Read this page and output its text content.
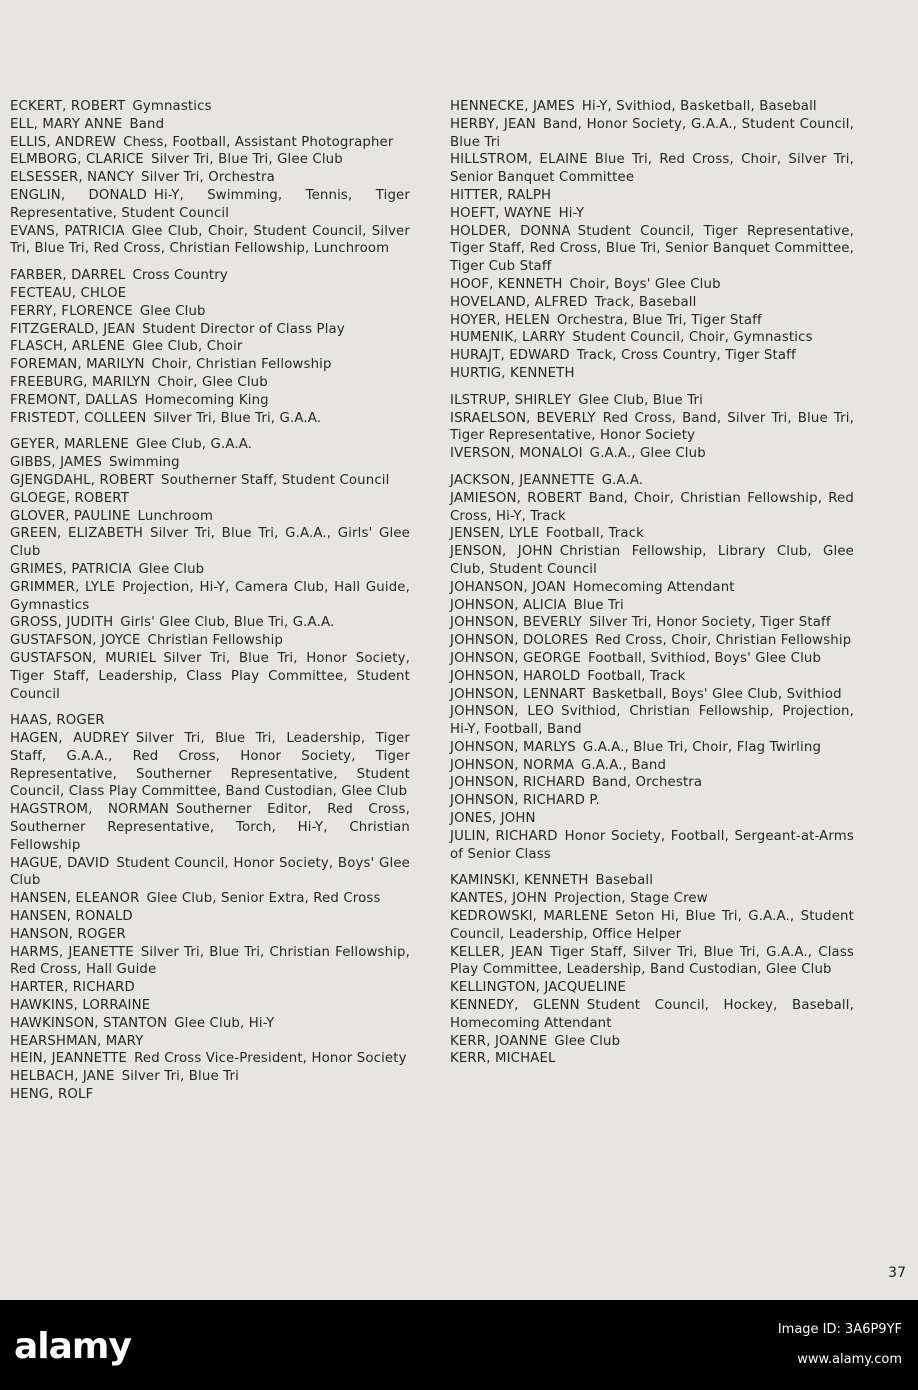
ECKERT, ROBERT Gymnastics
ELL, MARY ANNE Band
ELLIS, ANDREW Chess, Football, Assistant Photographer
ELMBORG, CLARICE Silver Tri, Blue Tri, Glee Club
ELSESSER, NANCY Silver Tri, Orchestra
ENGLIN, DONALD Hi-Y, Swimming, Tennis, Tiger Representative, Student Council
EVANS, PATRICIA Glee Club, Choir, Student Council, Silver Tri, Blue Tri, Red Cross, Christian Fellowship, Lunchroom
FARBER, DARREL Cross Country
FECTEAU, CHLOE
FERRY, FLORENCE Glee Club
FITZGERALD, JEAN Student Director of Class Play
FLASCH, ARLENE Glee Club, Choir
FOREMAN, MARILYN Choir, Christian Fellowship
FREEBURG, MARILYN Choir, Glee Club
FREMONT, DALLAS Homecoming King
FRISTEDT, COLLEEN Silver Tri, Blue Tri, G.A.A.
GEYER, MARLENE Glee Club, G.A.A.
GIBBS, JAMES Swimming
GJENGDAHL, ROBERT Southerner Staff, Student Council
GLOEGE, ROBERT
GLOVER, PAULINE Lunchroom
GREEN, ELIZABETH Silver Tri, Blue Tri, G.A.A., Girls' Glee Club
GRIMES, PATRICIA Glee Club
GRIMMER, LYLE Projection, Hi-Y, Camera Club, Hall Guide, Gymnastics
GROSS, JUDITH Girls' Glee Club, Blue Tri, G.A.A.
GUSTAFSON, JOYCE Christian Fellowship
GUSTAFSON, MURIEL Silver Tri, Blue Tri, Honor Society, Tiger Staff, Leadership, Class Play Committee, Student Council
HAAS, ROGER
HAGEN, AUDREY Silver Tri, Blue Tri, Leadership, Tiger Staff, G.A.A., Red Cross, Honor Society, Tiger Representative, Southerner Representative, Student Council, Class Play Committee, Band Custodian, Glee Club
HAGSTROM, NORMAN Southerner Editor, Red Cross, Southerner Representative, Torch, Hi-Y, Christian Fellowship
HAGUE, DAVID Student Council, Honor Society, Boys' Glee Club
HANSEN, ELEANOR Glee Club, Senior Extra, Red Cross
HANSEN, RONALD
HANSON, ROGER
HARMS, JEANETTE Silver Tri, Blue Tri, Christian Fellowship, Red Cross, Hall Guide
HARTER, RICHARD
HAWKINS, LORRAINE
HAWKINSON, STANTON Glee Club, Hi-Y
HEARSHMAN, MARY
HEIN, JEANNETTE Red Cross Vice-President, Honor Society
HELBACH, JANE Silver Tri, Blue Tri
HENG, ROLF
HENNECKE, JAMES Hi-Y, Svithiod, Basketball, Baseball
HERBY, JEAN Band, Honor Society, G.A.A., Student Council, Blue Tri
HILLSTROM, ELAINE Blue Tri, Red Cross, Choir, Silver Tri, Senior Banquet Committee
HITTER, RALPH
HOEFT, WAYNE Hi-Y
HOLDER, DONNA Student Council, Tiger Representative, Tiger Staff, Red Cross, Blue Tri, Senior Banquet Committee, Tiger Cub Staff
HOOF, KENNETH Choir, Boys' Glee Club
HOVELAND, ALFRED Track, Baseball
HOYER, HELEN Orchestra, Blue Tri, Tiger Staff
HUMENIK, LARRY Student Council, Choir, Gymnastics
HURAJT, EDWARD Track, Cross Country, Tiger Staff
HURTIG, KENNETH
ILSTRUP, SHIRLEY Glee Club, Blue Tri
ISRAELSON, BEVERLY Red Cross, Band, Silver Tri, Blue Tri, Tiger Representative, Honor Society
IVERSON, MONALOI G.A.A., Glee Club
JACKSON, JEANNETTE G.A.A.
JAMIESON, ROBERT Band, Choir, Christian Fellowship, Red Cross, Hi-Y, Track
JENSEN, LYLE Football, Track
JENSON, JOHN Christian Fellowship, Library Club, Glee Club, Student Council
JOHANSON, JOAN Homecoming Attendant
JOHNSON, ALICIA Blue Tri
JOHNSON, BEVERLY Silver Tri, Honor Society, Tiger Staff
JOHNSON, DOLORES Red Cross, Choir, Christian Fellowship
JOHNSON, GEORGE Football, Svithiod, Boys' Glee Club
JOHNSON, HAROLD Football, Track
JOHNSON, LENNART Basketball, Boys' Glee Club, Svithiod
JOHNSON, LEO Svithiod, Christian Fellowship, Projection, Hi-Y, Football, Band
JOHNSON, MARLYS G.A.A., Blue Tri, Choir, Flag Twirling
JOHNSON, NORMA G.A.A., Band
JOHNSON, RICHARD Band, Orchestra
JOHNSON, RICHARD P.
JONES, JOHN
JULIN, RICHARD Honor Society, Football, Sergeant-at-Arms of Senior Class
KAMINSKI, KENNETH Baseball
KANTES, JOHN Projection, Stage Crew
KEDROWSKI, MARLENE Seton Hi, Blue Tri, G.A.A., Student Council, Leadership, Office Helper
KELLER, JEAN Tiger Staff, Silver Tri, Blue Tri, G.A.A., Class Play Committee, Leadership, Band Custodian, Glee Club
KELLINGTON, JACQUELINE
KENNEDY, GLENN Student Council, Hockey, Baseball, Homecoming Attendant
KERR, JOANNE Glee Club
KERR, MICHAEL
37
alamy	Image ID: 3A6P9YF
www.alamy.com
